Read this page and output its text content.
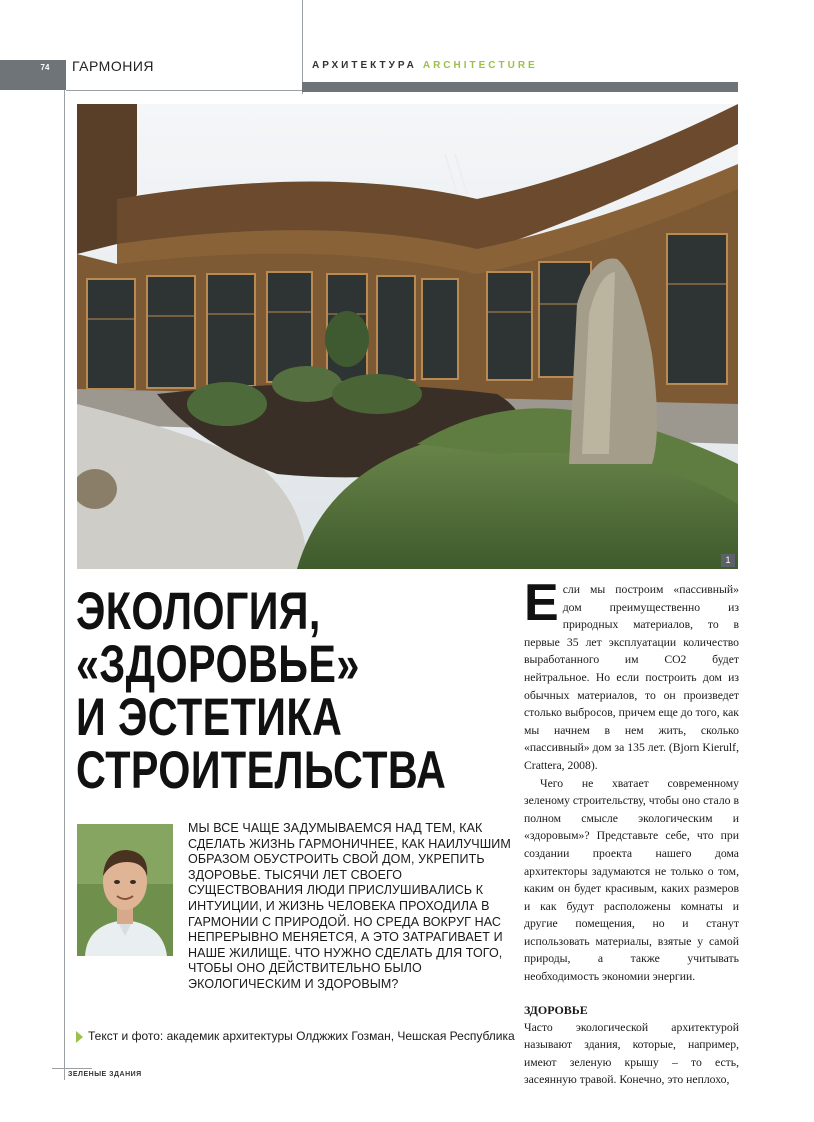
74	ГАРМОНИЯ	АРХИТЕКТУРА ARCHITECTURE
1
ЭКОЛОГИЯ,
«ЗДОРОВЬЕ»
И ЭСТЕТИКА
СТРОИТЕЛЬСТВА
МЫ ВСЕ ЧАЩЕ ЗАДУМЫВАЕМСЯ НАД ТЕМ, КАК СДЕЛАТЬ ЖИЗНЬ ГАРМОНИЧНЕЕ, КАК НАИЛУЧШИМ ОБРАЗОМ ОБУСТРОИТЬ СВОЙ ДОМ, УКРЕПИТЬ ЗДОРОВЬЕ. ТЫСЯЧИ ЛЕТ СВОЕГО СУЩЕСТВОВАНИЯ ЛЮДИ ПРИСЛУШИВАЛИСЬ К ИНТУИЦИИ, И ЖИЗНЬ ЧЕЛОВЕКА ПРОХОДИЛА В ГАРМОНИИ С ПРИРОДОЙ. НО СРЕДА ВОКРУГ НАС НЕПРЕРЫВНО МЕНЯЕТСЯ, А ЭТО ЗАТРАГИВАЕТ И НАШЕ ЖИЛИЩЕ. ЧТО НУЖНО СДЕЛАТЬ ДЛЯ ТОГО, ЧТОБЫ ОНО ДЕЙСТВИТЕЛЬНО БЫЛО ЭКОЛОГИЧЕСКИМ И ЗДОРОВЫМ?
Текст и фото: академик архитектуры Олджжих Гозман, Чешская Республика
ЗЕЛЕНЫЕ ЗДАНИЯ

Если мы построим «пассивный» дом преимущественно из природных материалов, то в первые 35 лет эксплуатации количество выработанного им CO2 будет нейтральное. Но если построить дом из обычных материалов, то он произведет столько выбросов, причем еще до того, как мы начнем в нем жить, сколько «пассивный» дом за 135 лет. (Bjorn Kierulf, Crattera, 2008).

Чего не хватает современному зеленому строительству, чтобы оно стало в полном смысле экологическим и «здоровым»? Представьте себе, что при создании проекта нашего дома архитекторы задумаются не только о том, каким он будет красивым, каких размеров и как будут расположены комнаты и другие помещения, но и станут использовать материалы, взятые у самой природы, а также учитывать необходимость экономии энергии.

ЗДОРОВЬЕ

Часто экологической архитектурой называют здания, которые, например, имеют зеленую крышу – то есть, засеянную травой. Конечно, это неплохо,
